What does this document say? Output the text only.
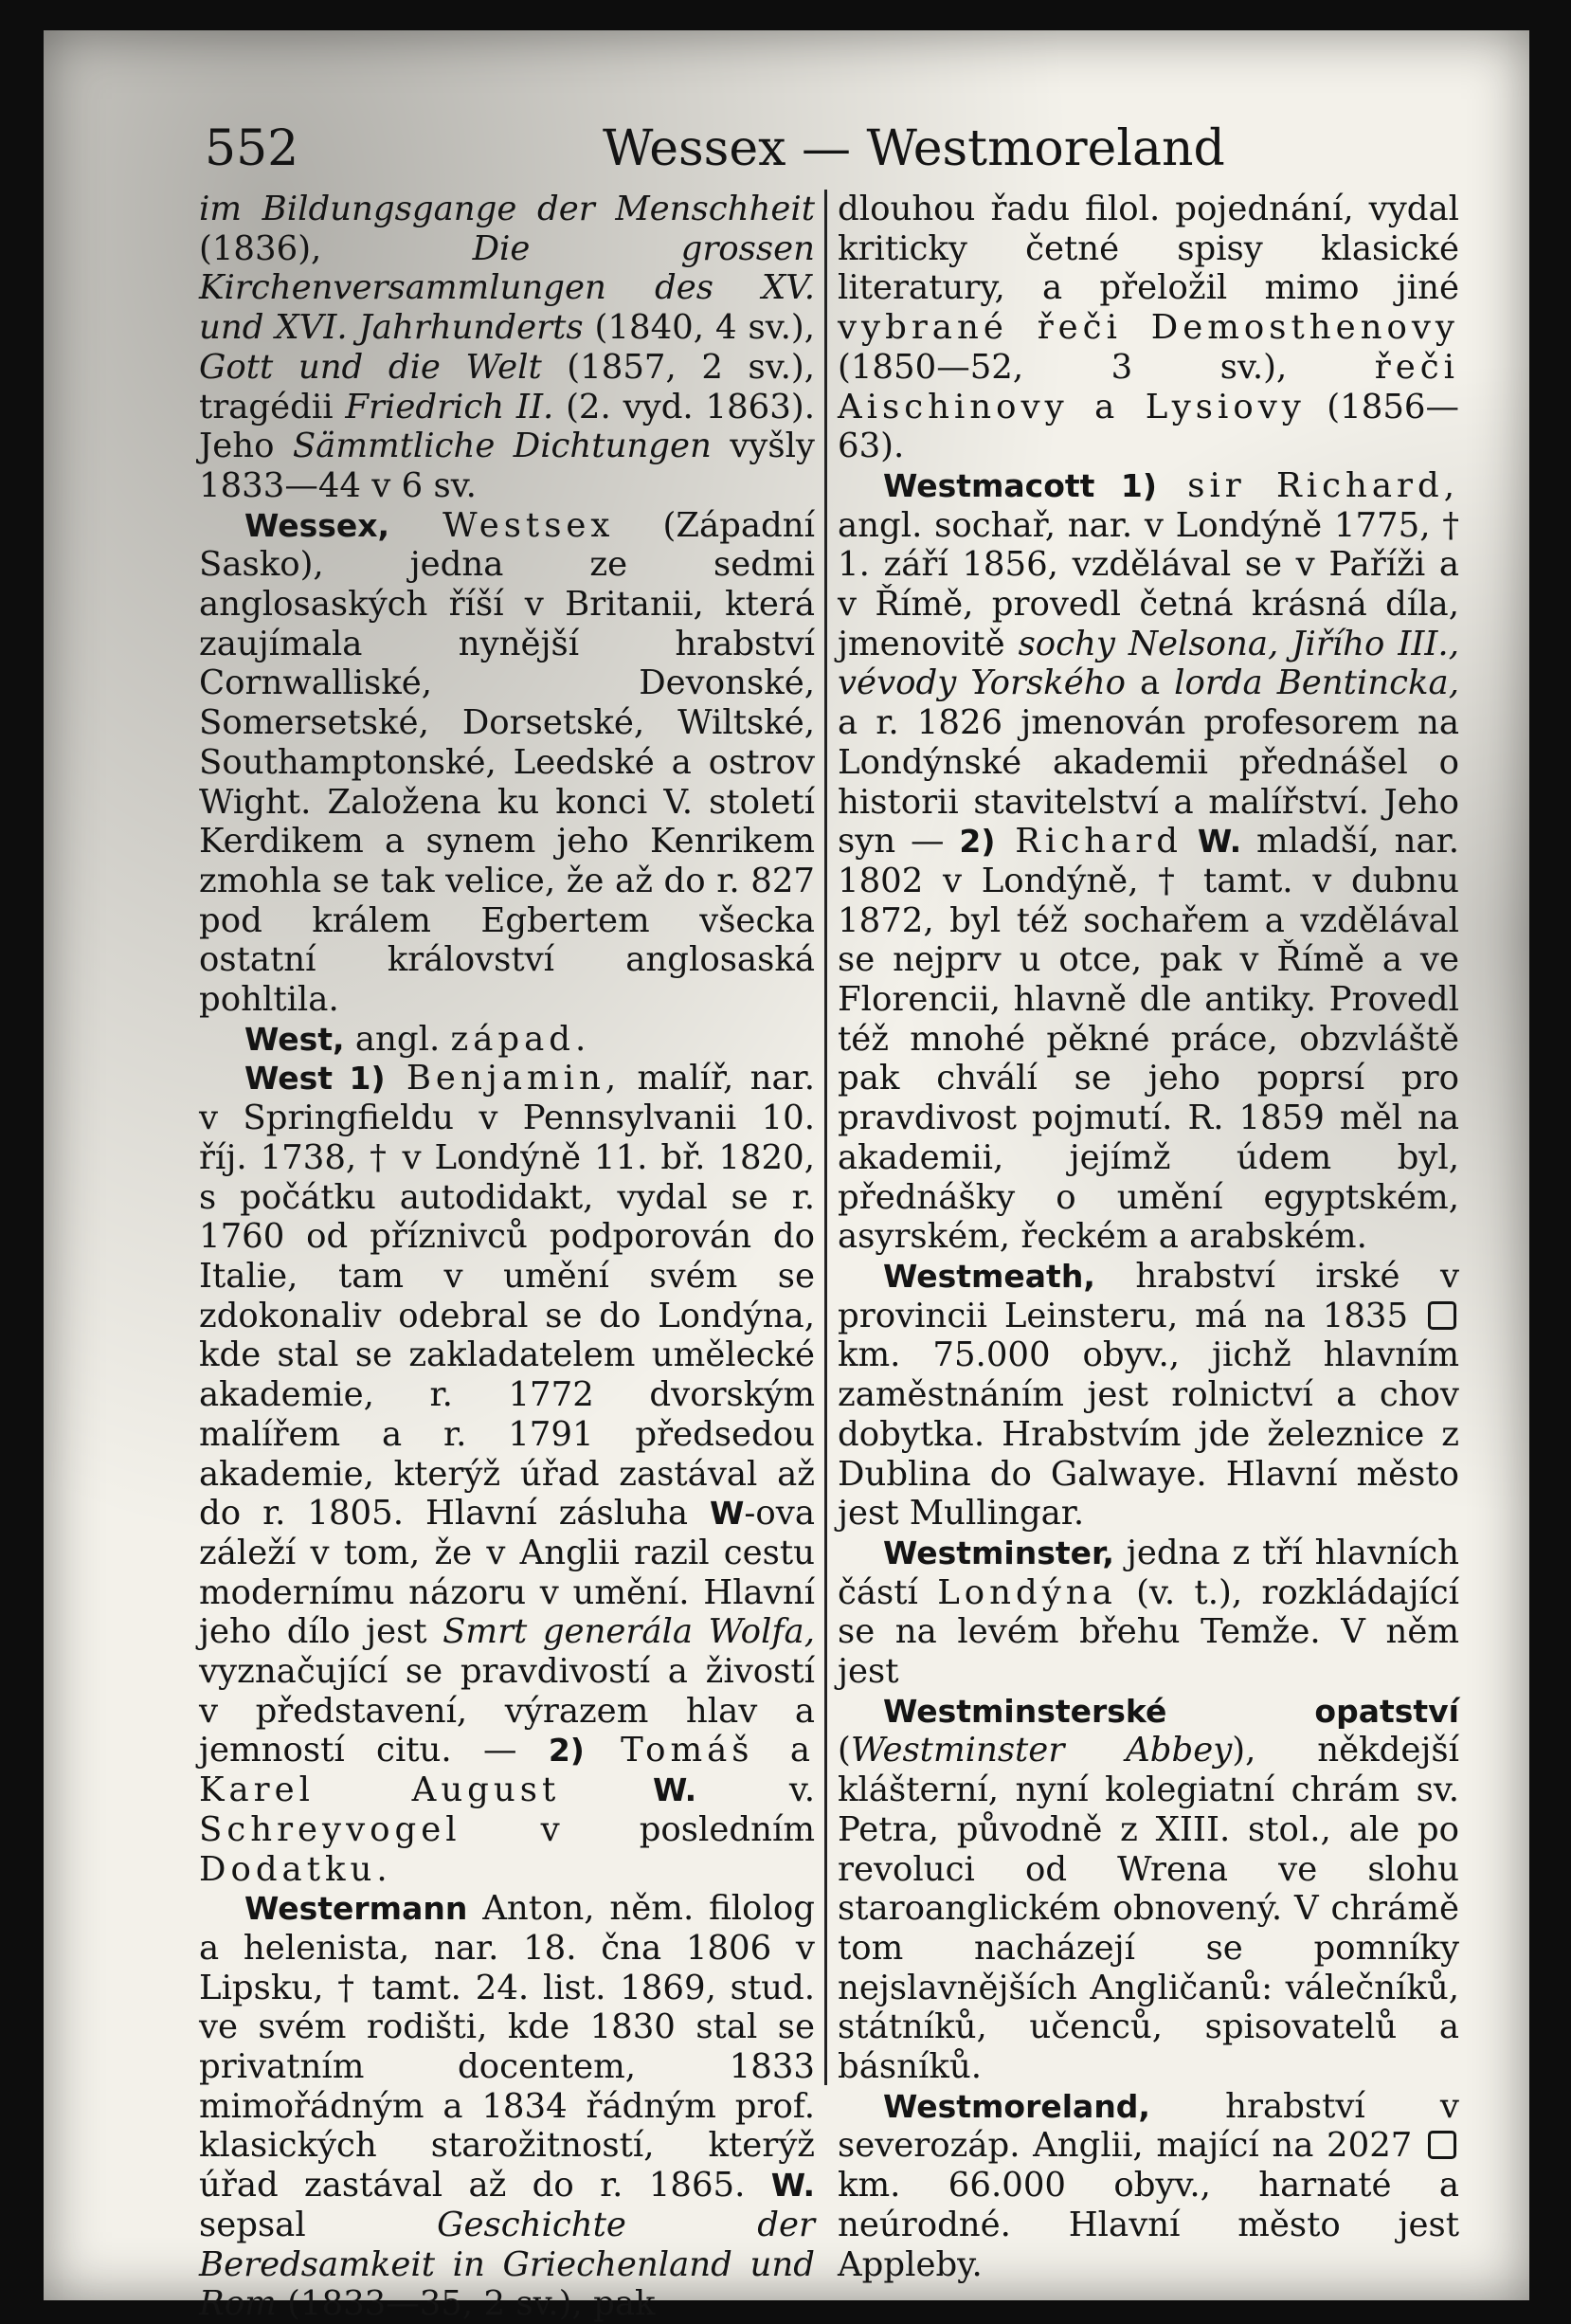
552	Wessex — Westmoreland

im Bildungsgange der Menschheit (1836), Die grossen Kirchenversammlungen des XV. und XVI. Jahrhunderts (1840, 4 sv.), Gott und die Welt (1857, 2 sv.), tragédii Friedrich II. (2. vyd. 1863). Jeho Sämmtliche Dichtungen vyšly 1833—44 v 6 sv.

Wessex, Westsex (Západní Sasko), jedna ze sedmi anglosaských říší v Britanii, která zaujímala nynější hrabství Cornwalliské, Devonské, Somersetské, Dorsetské, Wiltské, Southamptonské, Leedské a ostrov Wight. Založena ku konci V. století Kerdikem a synem jeho Kenrikem zmohla se tak velice, že až do r. 827 pod králem Egbertem všecka ostatní království anglosaská pohltila.

West, angl. západ.

West 1) Benjamin, malíř, nar. v Springfieldu v Pennsylvanii 10. říj. 1738, † v Londýně 11. bř. 1820, s počátku autodidakt, vydal se r. 1760 od příznivců podporován do Italie, tam v umění svém se zdokonaliv odebral se do Londýna, kde stal se zakladatelem umělecké akademie, r. 1772 dvorským malířem a r. 1791 předsedou akademie, kterýž úřad zastával až do r. 1805. Hlavní zásluha W-ova záleží v tom, že v Anglii razil cestu modernímu názoru v umění. Hlavní jeho dílo jest Smrt generála Wolfa, vyznačující se pravdivostí a živostí v představení, výrazem hlav a jemností citu. — 2) Tomáš a Karel August	W. v. Schreyvogel v posledním Dodatku.

Westermann Anton, něm. filolog a helenista, nar. 18. čna 1806 v Lipsku, † tamt. 24. list. 1869, stud. ve svém rodišti, kde 1830 stal se privatním docentem, 1833 mimořádným a 1834 řádným prof. klasických starožitností, kterýž úřad zastával až do r. 1865. W. sepsal Geschichte der Beredsamkeit in Griechenland und Rom (1833—35, 2 sv.), pak

dlouhou řadu filol. pojednání, vydal kriticky četné spisy klasické literatury, a přeložil mimo jiné vybrané řeči Demosthenovy (1850—52, 3 sv.), řeči Aischinovy a Lysiovy (1856—63).

Westmacott 1) sir Richard, angl. sochař, nar. v Londýně 1775, † 1. září 1856, vzdělával se v Paříži a v Římě, provedl četná krásná díla, jmenovitě sochy Nelsona, Jiřího III., vévody Yorského a lorda Bentincka, a r. 1826 jmenován profesorem na Londýnské akademii přednášel o historii stavitelství a malířství. Jeho syn — 2) Richard W. mladší, nar. 1802 v Londýně, † tamt. v dubnu 1872, byl též sochařem a vzdělával se nejprv u otce, pak v Římě a ve Florencii, hlavně dle antiky. Provedl též mnohé pěkné práce, obzvláště pak chválí se jeho poprsí pro pravdivost pojmutí. R. 1859 měl na akademii, jejímž údem byl, přednášky o umění egyptském, asyrském, řeckém a arabském.

Westmeath, hrabství irské v provincii Leinsteru, má na 1835  km. 75.000 obyv., jichž hlavním zaměstnáním jest rolnictví a chov dobytka. Hrabstvím jde železnice z Dublina do Galwaye. Hlavní město jest Mullingar.

Westminster, jedna z tří hlavních částí Londýna (v. t.), rozkládající se na levém břehu Temže. V něm jest

Westminsterské opatství (Westminster Abbey), někdejší klášterní, nyní kolegiatní chrám sv. Petra, původně z XIII. stol., ale po revoluci od Wrena ve slohu staroanglickém obnovený. V chrámě tom nacházejí se pomníky nejslavnějších Angličanů: válečníků, státníků, učenců, spisovatelů a básníků.

Westmoreland, hrabství v severozáp. Anglii, mající na 2027  km. 66.000 obyv., harnaté a neúrodné. Hlavní město jest Appleby.
